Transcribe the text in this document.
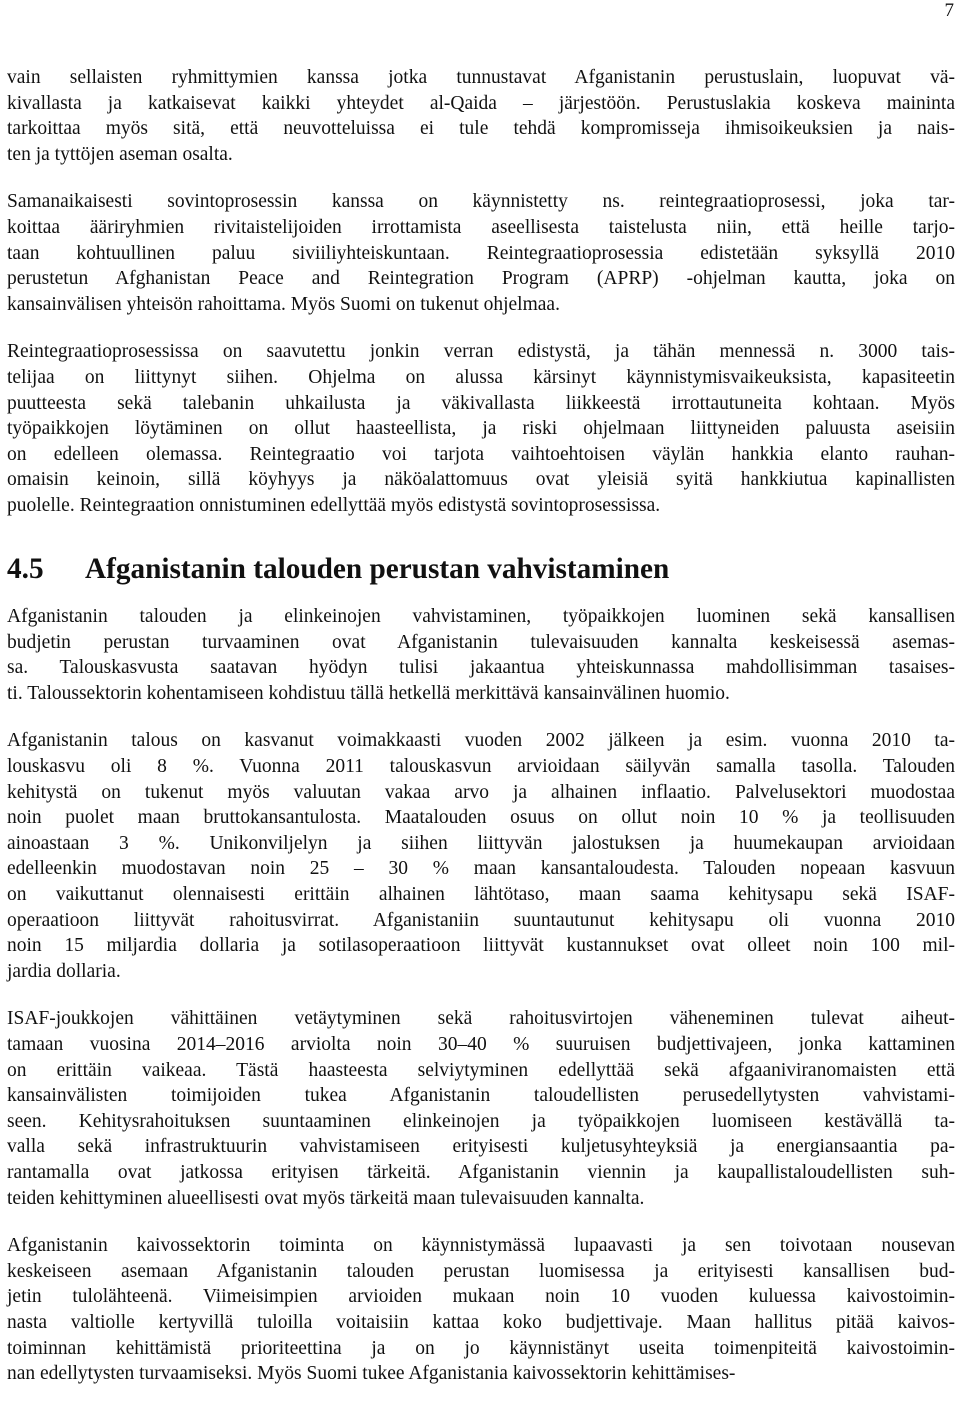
7

vain sellaisten ryhmittymien kanssa jotka tunnustavat Afganistanin perustuslain, luopuvat vä-
kivallasta ja katkaisevat kaikki yhteydet al-Qaida – järjestöön. Perustuslakia koskeva maininta
tarkoittaa myös sitä, että neuvotteluissa ei tule tehdä kompromisseja ihmisoikeuksien ja nais-
ten ja tyttöjen aseman osalta.

Samanaikaisesti sovintoprosessin kanssa on käynnistetty ns. reintegraatioprosessi, joka tar-
koittaa ääriryhmien rivitaistelijoiden irrottamista aseellisesta taistelusta niin, että heille tarjo-
taan kohtuullinen paluu siviiliyhteiskuntaan. Reintegraatioprosessia edistetään syksyllä 2010
perustetun Afghanistan Peace and Reintegration Program (APRP) -ohjelman kautta, joka on
kansainvälisen yhteisön rahoittama. Myös Suomi on tukenut ohjelmaa.

Reintegraatioprosessissa on saavutettu jonkin verran edistystä, ja tähän mennessä n. 3000 tais-
telijaa on liittynyt siihen. Ohjelma on alussa kärsinyt käynnistymisvaikeuksista, kapasiteetin
puutteesta sekä talebanin uhkailusta ja väkivallasta liikkeestä irrottautuneita kohtaan. Myös
työpaikkojen löytäminen on ollut haasteellista, ja riski ohjelmaan liittyneiden paluusta aseisiin
on edelleen olemassa. Reintegraatio voi tarjota vaihtoehtoisen väylän hankkia elanto rauhan-
omaisin keinoin, sillä köyhyys ja näköalattomuus ovat yleisiä syitä hankkiutua kapinallisten
puolelle. Reintegraation onnistuminen edellyttää myös edistystä sovintoprosessissa.

4.5 Afganistanin talouden perustan vahvistaminen

Afganistanin talouden ja elinkeinojen vahvistaminen, työpaikkojen luominen sekä kansallisen
budjetin perustan turvaaminen ovat Afganistanin tulevaisuuden kannalta keskeisessä asemas-
sa. Talouskasvusta saatavan hyödyn tulisi jakaantua yhteiskunnassa mahdollisimman tasaises-
ti. Taloussektorin kohentamiseen kohdistuu tällä hetkellä merkittävä kansainvälinen huomio.

Afganistanin talous on kasvanut voimakkaasti vuoden 2002 jälkeen ja esim. vuonna 2010 ta-
louskasvu oli 8 %. Vuonna 2011 talouskasvun arvioidaan säilyvän samalla tasolla. Talouden
kehitystä on tukenut myös valuutan vakaa arvo ja alhainen inflaatio. Palvelusektori muodostaa
noin puolet maan bruttokansantulosta. Maatalouden osuus on ollut noin 10 % ja teollisuuden
ainoastaan 3 %. Unikonviljelyn ja siihen liittyvän jalostuksen ja huumekaupan arvioidaan
edelleenkin muodostavan noin 25 – 30 % maan kansantaloudesta. Talouden nopeaan kasvuun
on vaikuttanut olennaisesti erittäin alhainen lähtötaso, maan saama kehitysapu sekä ISAF-
operaatioon liittyvät rahoitusvirrat. Afganistaniin suuntautunut kehitysapu oli vuonna 2010
noin 15 miljardia dollaria ja sotilasoperaatioon liittyvät kustannukset ovat olleet noin 100 mil-
jardia dollaria.

ISAF-joukkojen vähittäinen vetäytyminen sekä rahoitusvirtojen väheneminen tulevat aiheut-
tamaan vuosina 2014–2016 arviolta noin 30–40 % suuruisen budjettivajeen, jonka kattaminen
on erittäin vaikeaa. Tästä haasteesta selviytyminen edellyttää sekä afgaaniviranomaisten että
kansainvälisten toimijoiden tukea Afganistanin taloudellisten perusedellytysten vahvistami-
seen. Kehitysrahoituksen suuntaaminen elinkeinojen ja työpaikkojen luomiseen kestävällä ta-
valla sekä infrastruktuurin vahvistamiseen erityisesti kuljetusyhteyksiä ja energiansaantia pa-
rantamalla ovat jatkossa erityisen tärkeitä. Afganistanin viennin ja kaupallistaloudellisten suh-
teiden kehittyminen alueellisesti ovat myös tärkeitä maan tulevaisuuden kannalta.

Afganistanin kaivossektorin toiminta on käynnistymässä lupaavasti ja sen toivotaan nousevan
keskeiseen asemaan Afganistanin talouden perustan luomisessa ja erityisesti kansallisen bud-
jetin tulolähteenä. Viimeisimpien arvioiden mukaan noin 10 vuoden kuluessa kaivostoimin-
nasta valtiolle kertyvillä tuloilla voitaisiin kattaa koko budjettivaje. Maan hallitus pitää kaivos-
toiminnan kehittämistä prioriteettina ja on jo käynnistänyt useita toimenpiteitä kaivostoimin-
nan edellytysten turvaamiseksi. Myös Suomi tukee Afganistania kaivossektorin kehittämises-
